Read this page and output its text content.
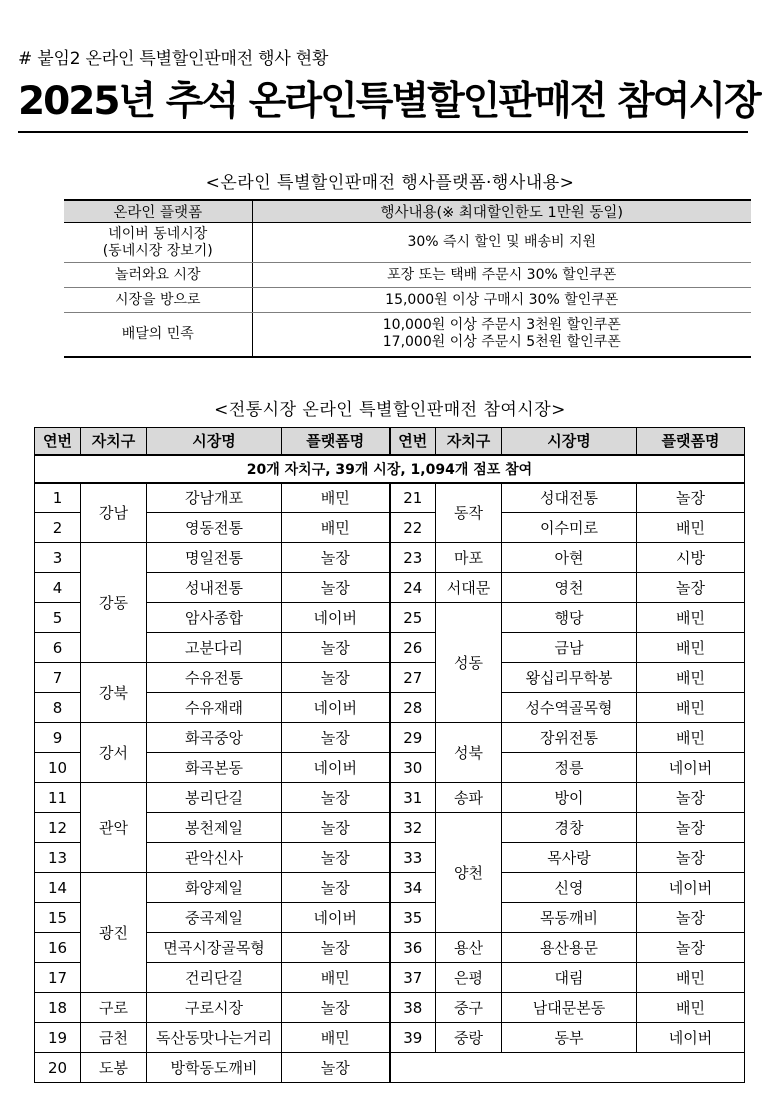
# 붙임2 온라인 특별할인판매전 행사 현황
2025년 추석 온라인특별할인판매전 참여시장
<온라인 특별할인판매전 행사플랫폼·행사내용>
온라인 플랫폼	행사내용(※ 최대할인한도 1만원 동일)

네이버 동네시장
(동네시장 장보기)	30% 즉시 할인 및 배송비 지원
놀러와요 시장	포장 또는 택배 주문시 30% 할인쿠폰
시장을 방으로	15,000원 이상 구매시 30% 할인쿠폰
배달의 민족	10,000원 이상 주문시 3천원 할인쿠폰
17,000원 이상 주문시 5천원 할인쿠폰
<전통시장 온라인 특별할인판매전 참여시장>
연번	자치구	시장명	플랫폼명	연번	자치구	시장명	플랫폼명
20개 자치구, 39개 시장, 1,094개 점포 참여							
1	강남	강남개포	배민	21	동작	성대전통	놀장
2		영동전통	배민	22		이수미로	배민
3	강동	명일전통	놀장	23	마포	아현	시방
4		성내전통	놀장	24	서대문	영천	놀장
5		암사종합	네이버	25	성동	행당	배민
6		고분다리	놀장	26		금남	배민
7	강북	수유전통	놀장	27		왕십리무학봉	배민
8		수유재래	네이버	28		성수역골목형	배민
9	강서	화곡중앙	놀장	29	성북	장위전통	배민
10		화곡본동	네이버	30		정릉	네이버
11	관악	봉리단길	놀장	31	송파	방이	놀장
12		봉천제일	놀장	32	양천	경창	놀장
13		관악신사	놀장	33		목사랑	놀장
14	광진	화양제일	놀장	34		신영	네이버
15		중곡제일	네이버	35		목동깨비	놀장
16		면곡시장골목형	놀장	36	용산	용산용문	놀장
17		건리단길	배민	37	은평	대림	배민
18	구로	구로시장	놀장	38	중구	남대문본동	배민
19	금천	독산동맛나는거리	배민	39	중랑	동부	네이버
20	도봉	방학동도깨비	놀장				
